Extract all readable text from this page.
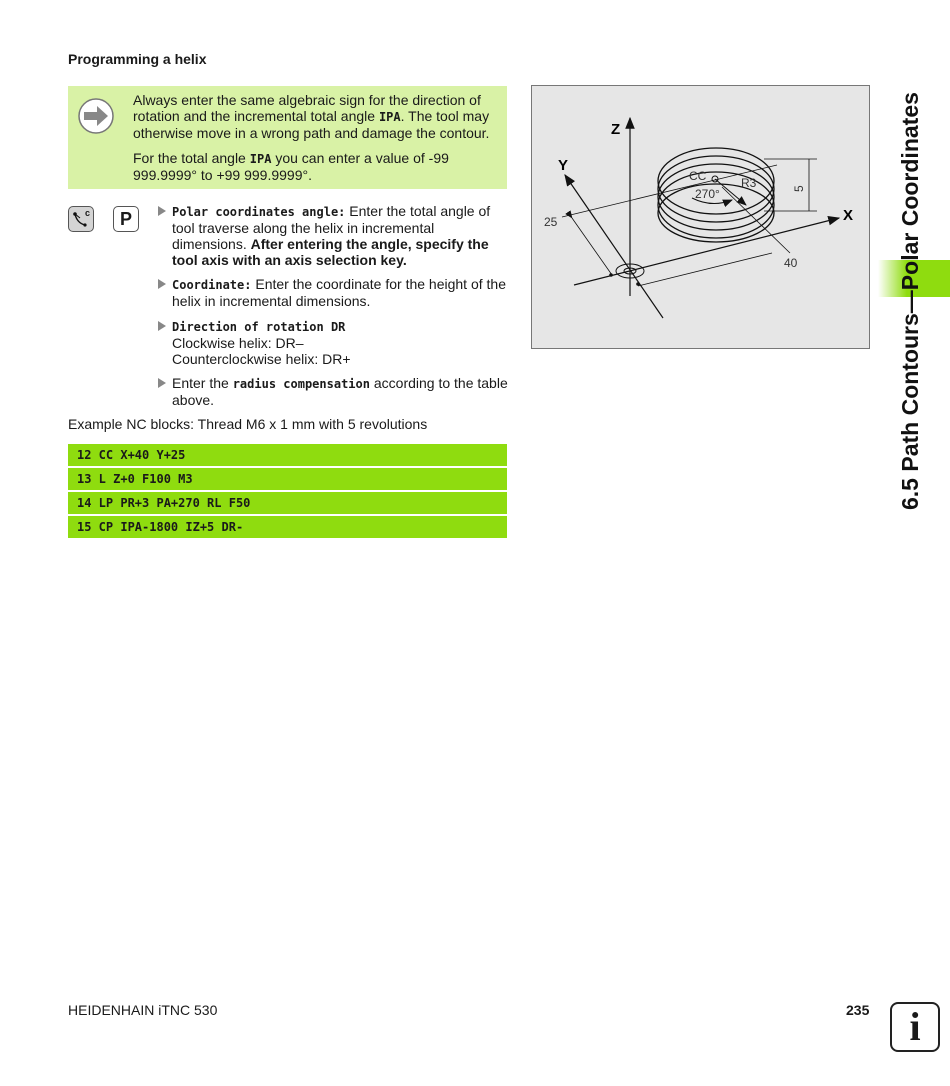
Programming a helix

Always enter the same algebraic sign for the direction of rotation and the incremental total angle IPA. The tool may otherwise move in a wrong path and damage the contour.

For the total angle IPA you can enter a value of -99 999.9999° to +99 999.9999°.

c	P	Polar coordinates angle: Enter the total angle of tool traverse along the helix in incremental dimensions. After entering the angle, specify the tool axis with an axis selection key.
Coordinate: Enter the coordinate for the height of the helix in incremental dimensions.
Direction of rotation DR
Clockwise helix: DR–
Counterclockwise helix: DR+
Enter the radius compensation according to the table above.
Example NC blocks: Thread M6 x 1 mm with 5 revolutions
12 CC X+40 Y+25
13 L Z+0 F100 M3
14 LP PR+3 PA+270 RL F50
15 CP IPA-1800 IZ+5 DR-
Z
Y
X
CC	R3
270°
25
40
5	6.5 Path Contours—Polar Coordinates
HEIDENHAIN iTNC 530	235	i
